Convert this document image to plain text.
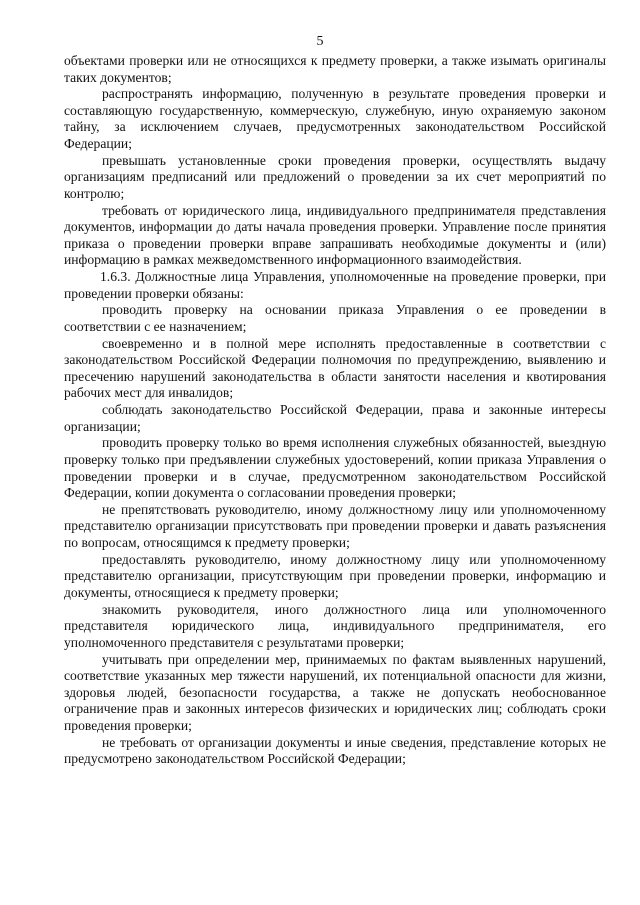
5

объектами проверки или не относящихся к предмету проверки, а также изымать оригиналы таких документов;

распространять информацию, полученную в результате проведения проверки и составляющую государственную, коммерческую, служебную, иную охраняемую законом тайну, за исключением случаев, предусмотренных законодательством Российской Федерации;

превышать установленные сроки проведения проверки, осуществлять выдачу организациям предписаний или предложений о проведении за их счет мероприятий по контролю;

требовать от юридического лица, индивидуального предпринимателя представления документов, информации до даты начала проведения проверки. Управление после принятия приказа о проведении проверки вправе запрашивать необходимые документы и (или) информацию в рамках межведомственного информационного взаимодействия.

1.6.3. Должностные лица Управления, уполномоченные на проведение проверки, при проведении проверки обязаны:

проводить проверку на основании приказа Управления о ее проведении в соответствии с ее назначением;

своевременно и в полной мере исполнять предоставленные в соответствии с законодательством Российской Федерации полномочия по предупреждению, выявлению и пресечению нарушений законодательства в области занятости населения и квотирования рабочих мест для инвалидов;

соблюдать законодательство Российской Федерации, права и законные интересы организации;

проводить проверку только во время исполнения служебных обязанностей, выездную проверку только при предъявлении служебных удостоверений, копии приказа Управления о проведении проверки и в случае, предусмотренном законодательством Российской Федерации, копии документа о согласовании проведения проверки;

не препятствовать руководителю, иному должностному лицу или уполномоченному представителю организации присутствовать при проведении проверки и давать разъяснения по вопросам, относящимся к предмету проверки;

предоставлять руководителю, иному должностному лицу или уполномоченному представителю организации, присутствующим при проведении проверки, информацию и документы, относящиеся к предмету проверки;

знакомить руководителя, иного должностного лица или уполномоченного представителя юридического лица, индивидуального предпринимателя, его уполномоченного представителя с результатами проверки;

учитывать при определении мер, принимаемых по фактам выявленных нарушений, соответствие указанных мер тяжести нарушений, их потенциальной опасности для жизни, здоровья людей, безопасности государства, а также не допускать необоснованное ограничение прав и законных интересов физических и юридических лиц; соблюдать сроки проведения проверки;

не требовать от организации документы и иные сведения, представление которых не предусмотрено законодательством Российской Федерации;
